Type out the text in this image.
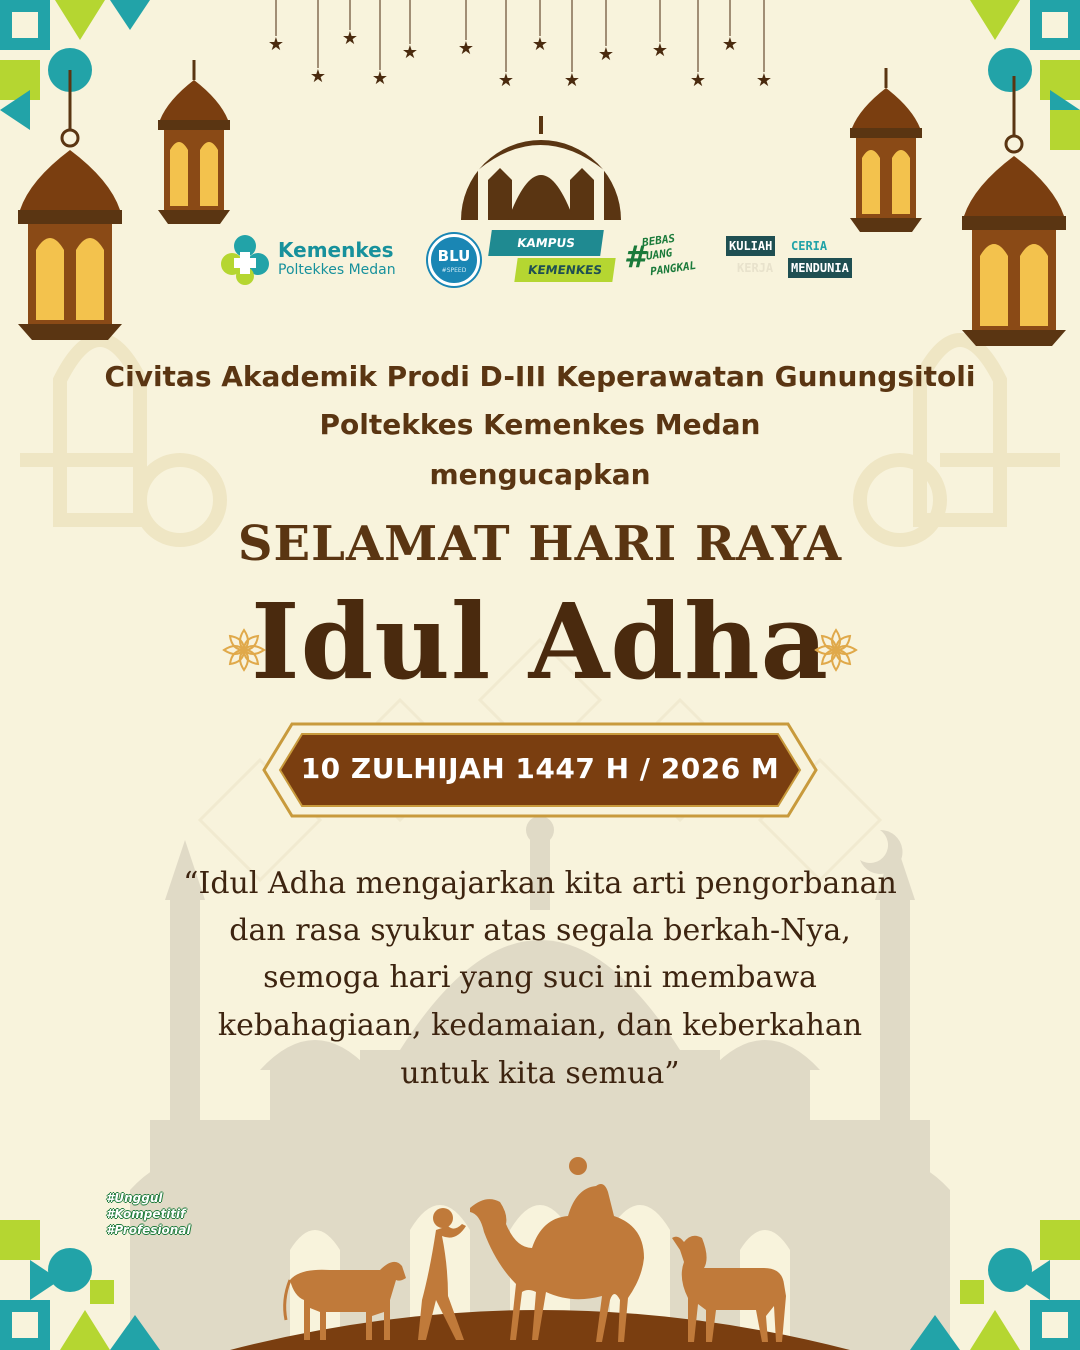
★
★
★
★
★ ★
★
★
★
★ ★
★
★
★
Kemenkes
Poltekkes Medan
BLU
#SPEED
KAMPUS
KEMENKES #
BEBAS
UANG
PANGKAL
KULIAH CERIA
KERJA MENDUNIA
Civitas Akademik Prodi D-III Keperawatan Gunungsitoli
Poltekkes Kemenkes Medan
mengucapkan
SELAMAT HARI RAYA
Idul Adha
10 ZULHIJAH 1447 H / 2026 M
“Idul Adha mengajarkan kita arti pengorbanan
dan rasa syukur atas segala berkah-Nya,
semoga hari yang suci ini membawa
kebahagiaan, kedamaian, dan keberkahan
untuk kita semua”
#Unggul
#Kompetitif
#Profesional
